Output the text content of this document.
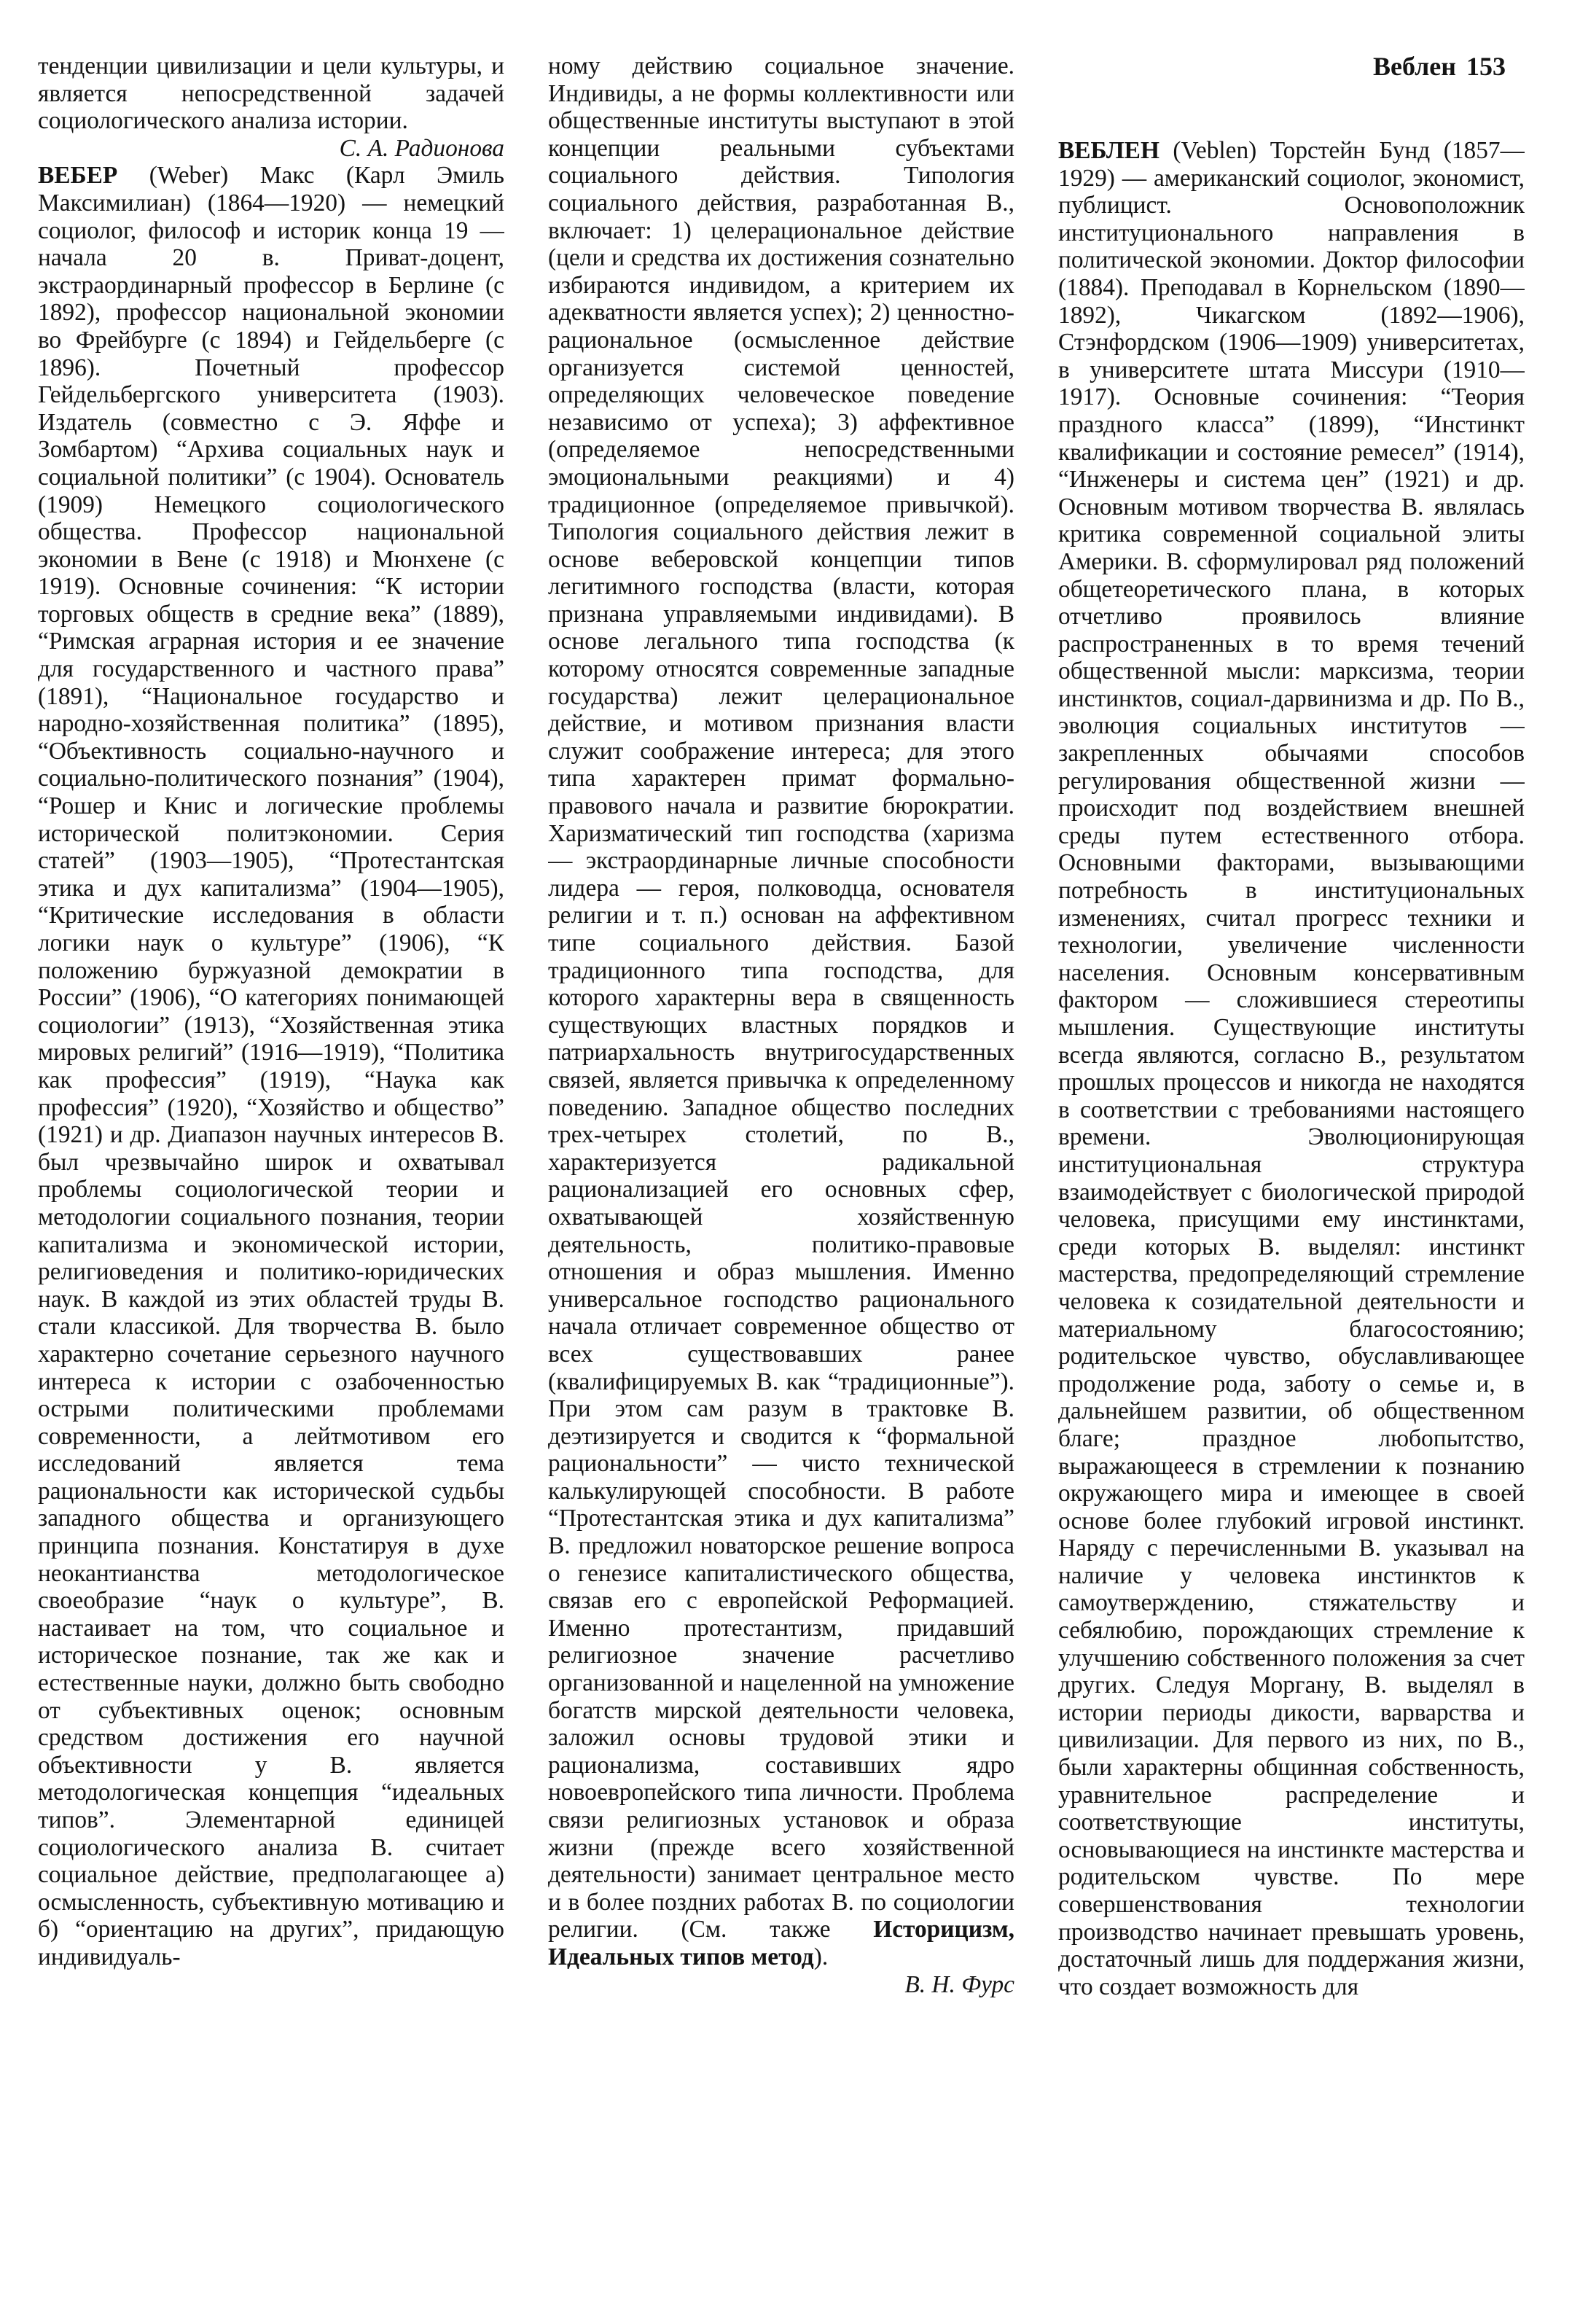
Веблен 153

тенденции цивилизации и цели культуры, и является непосредственной задачей социологического анализа истории.

С. А. Радионова

ВЕБЕР (Weber) Макс (Карл Эмиль Максимилиан) (1864—1920) — немецкий социолог, философ и историк конца 19 — начала 20 в. Приват-доцент, экстраординарный профессор в Берлине (с 1892), профессор национальной экономии во Фрейбурге (с 1894) и Гейдельберге (с 1896). Почетный профессор Гейдельбергского университета (1903). Издатель (совместно с Э. Яффе и Зомбартом) “Архива социальных наук и социальной политики” (с 1904). Основатель (1909) Немецкого социологического общества. Профессор национальной экономии в Вене (с 1918) и Мюнхене (с 1919). Основные сочинения: “К истории торговых обществ в средние века” (1889), “Римская аграрная история и ее значение для государственного и частного права” (1891), “Национальное государство и народно-хозяйственная политика” (1895), “Объективность социально-научного и социально-политического познания” (1904), “Рошер и Книс и логические проблемы исторической политэкономии. Серия статей” (1903—1905), “Протестантская этика и дух капитализма” (1904—1905), “Критические исследования в области логики наук о культуре” (1906), “К положению буржуазной демократии в России” (1906), “О категориях понимающей социологии” (1913), “Хозяйственная этика мировых религий” (1916—1919), “Политика как профессия” (1919), “Наука как профессия” (1920), “Хозяйство и общество” (1921) и др. Диапазон научных интересов В. был чрезвычайно широк и охватывал проблемы социологической теории и методологии социального познания, теории капитализма и экономической истории, религиоведения и политико-юридических наук. В каждой из этих областей труды В. стали классикой. Для творчества В. было характерно сочетание серьезного научного интереса к истории с озабоченностью острыми политическими проблемами современности, а лейтмотивом его исследований является тема рациональности как исторической судьбы западного общества и организующего принципа познания. Констатируя в духе неокантианства методологическое своеобразие “наук о культуре”, В. настаивает на том, что социальное и историческое познание, так же как и естественные науки, должно быть свободно от субъективных оценок; основным средством достижения его научной объективности у В. является методологическая концепция “идеальных типов”. Элементарной единицей социологического анализа В. считает социальное действие, предполагающее а) осмысленность, субъективную мотивацию и б) “ориентацию на других”, придающую индивидуаль-

ному действию социальное значение. Индивиды, а не формы коллективности или общественные институты выступают в этой концепции реальными субъектами социального действия. Типология социального действия, разработанная В., включает: 1) целерациональное действие (цели и средства их достижения сознательно избираются индивидом, а критерием их адекватности является успех); 2) ценностно-рациональное (осмысленное действие организуется системой ценностей, определяющих человеческое поведение независимо от успеха); 3) аффективное (определяемое непосредственными эмоциональными реакциями) и 4) традиционное (определяемое привычкой). Типология социального действия лежит в основе веберовской концепции типов легитимного господства (власти, которая признана управляемыми индивидами). В основе легального типа господства (к которому относятся современные западные государства) лежит целерациональное действие, и мотивом признания власти служит соображение интереса; для этого типа характерен примат формально-правового начала и развитие бюрократии. Харизматический тип господства (харизма — экстраординарные личные способности лидера — героя, полководца, основателя религии и т. п.) основан на аффективном типе социального действия. Базой традиционного типа господства, для которого характерны вера в священность существующих властных порядков и патриархальность внутригосударственных связей, является привычка к определенному поведению. Западное общество последних трех-четырех столетий, по В., характеризуется радикальной рационализацией его основных сфер, охватывающей хозяйственную деятельность, политико-правовые отношения и образ мышления. Именно универсальное господство рационального начала отличает современное общество от всех существовавших ранее (квалифицируемых В. как “традиционные”). При этом сам разум в трактовке В. деэтизируется и сводится к “формальной рациональности” — чисто технической калькулирующей способности. В работе “Протестантская этика и дух капитализма” В. предложил новаторское решение вопроса о генезисе капиталистического общества, связав его с европейской Реформацией. Именно протестантизм, придавший религиозное значение расчетливо организованной и нацеленной на умножение богатств мирской деятельности человека, заложил основы трудовой этики и рационализма, составивших ядро новоевропейского типа личности. Проблема связи религиозных установок и образа жизни (прежде всего хозяйственной деятельности) занимает центральное место и в более поздних работах В. по социологии религии. (См. также Историцизм, Идеальных типов метод).

В. Н. Фурс

ВЕБЛЕН (Veblen) Торстейн Бунд (1857—1929) — американский социолог, экономист, публицист. Основоположник институционального направления в политической экономии. Доктор философии (1884). Преподавал в Корнельском (1890—1892), Чикагском (1892—1906), Стэнфордском (1906—1909) университетах, в университете штата Миссури (1910—1917). Основные сочинения: “Теория праздного класса” (1899), “Инстинкт квалификации и состояние ремесел” (1914), “Инженеры и система цен” (1921) и др. Основным мотивом творчества В. являлась критика современной социальной элиты Америки. В. сформулировал ряд положений общетеоретического плана, в которых отчетливо проявилось влияние распространенных в то время течений общественной мысли: марксизма, теории инстинктов, социал-дарвинизма и др. По В., эволюция социальных институтов — закрепленных обычаями способов регулирования общественной жизни — происходит под воздействием внешней среды путем естественного отбора. Основными факторами, вызывающими потребность в институциональных изменениях, считал прогресс техники и технологии, увеличение численности населения. Основным консервативным фактором — сложившиеся стереотипы мышления. Существующие институты всегда являются, согласно В., результатом прошлых процессов и никогда не находятся в соответствии с требованиями настоящего времени. Эволюционирующая институциональная структура взаимодействует с биологической природой человека, присущими ему инстинктами, среди которых В. выделял: инстинкт мастерства, предопределяющий стремление человека к созидательной деятельности и материальному благосостоянию; родительское чувство, обуславливающее продолжение рода, заботу о семье и, в дальнейшем развитии, об общественном благе; праздное любопытство, выражающееся в стремлении к познанию окружающего мира и имеющее в своей основе более глубокий игровой инстинкт. Наряду с перечисленными В. указывал на наличие у человека инстинктов к самоутверждению, стяжательству и себялюбию, порождающих стремление к улучшению собственного положения за счет других. Следуя Моргану, В. выделял в истории периоды дикости, варварства и цивилизации. Для первого из них, по В., были характерны общинная собственность, уравнительное распределение и соответствующие институты, основывающиеся на инстинкте мастерства и родительском чувстве. По мере совершенствования технологии производство начинает превышать уровень, достаточный лишь для поддержания жизни, что создает возможность для
